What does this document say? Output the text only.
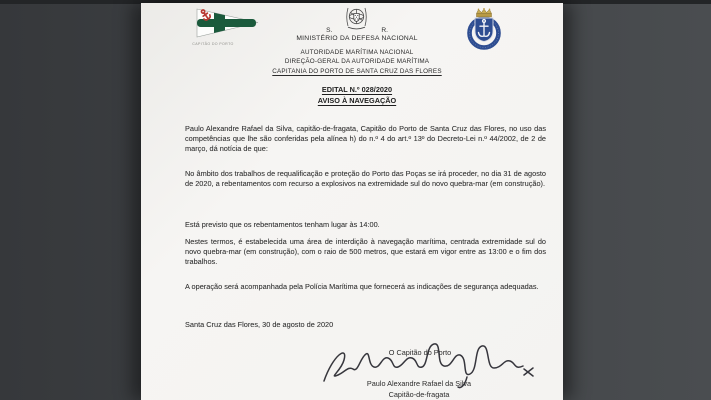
CAPITÃO DO PORTO
S.	R.
MINISTÉRIO DA DEFESA NACIONAL
AUTORIDADE MARÍTIMA NACIONAL
DIREÇÃO-GERAL DA AUTORIDADE MARÍTIMA
CAPITANIA DO PORTO DE SANTA CRUZ DAS FLORES
EDITAL N.º 028/2020
AVISO À NAVEGAÇÃO
Paulo Alexandre Rafael da Silva, capitão-de-fragata, Capitão do Porto de Santa Cruz das Flores, no uso das competências que lhe são conferidas pela alínea h) do n.º 4 do art.º 13º do Decreto-Lei n.º 44/2002, de 2 de março, dá notícia de que:
No âmbito dos trabalhos de requalificação e proteção do Porto das Poças se irá proceder, no dia 31 de agosto de 2020, a rebentamentos com recurso a explosivos na extremidade sul do novo quebra-mar (em construção).
Está previsto que os rebentamentos tenham lugar às 14:00.
Nestes termos, é estabelecida uma área de interdição à navegação marítima, centrada extremidade sul do novo quebra-mar (em construção), com o raio de 500 metros, que estará em vigor entre as 13:00 e o fim dos trabalhos.
A operação será acompanhada pela Polícia Marítima que fornecerá as indicações de segurança adequadas.
Santa Cruz das Flores, 30 de agosto de 2020
O Capitão do Porto
Paulo Alexandre Rafael da Silva
Capitão-de-fragata
